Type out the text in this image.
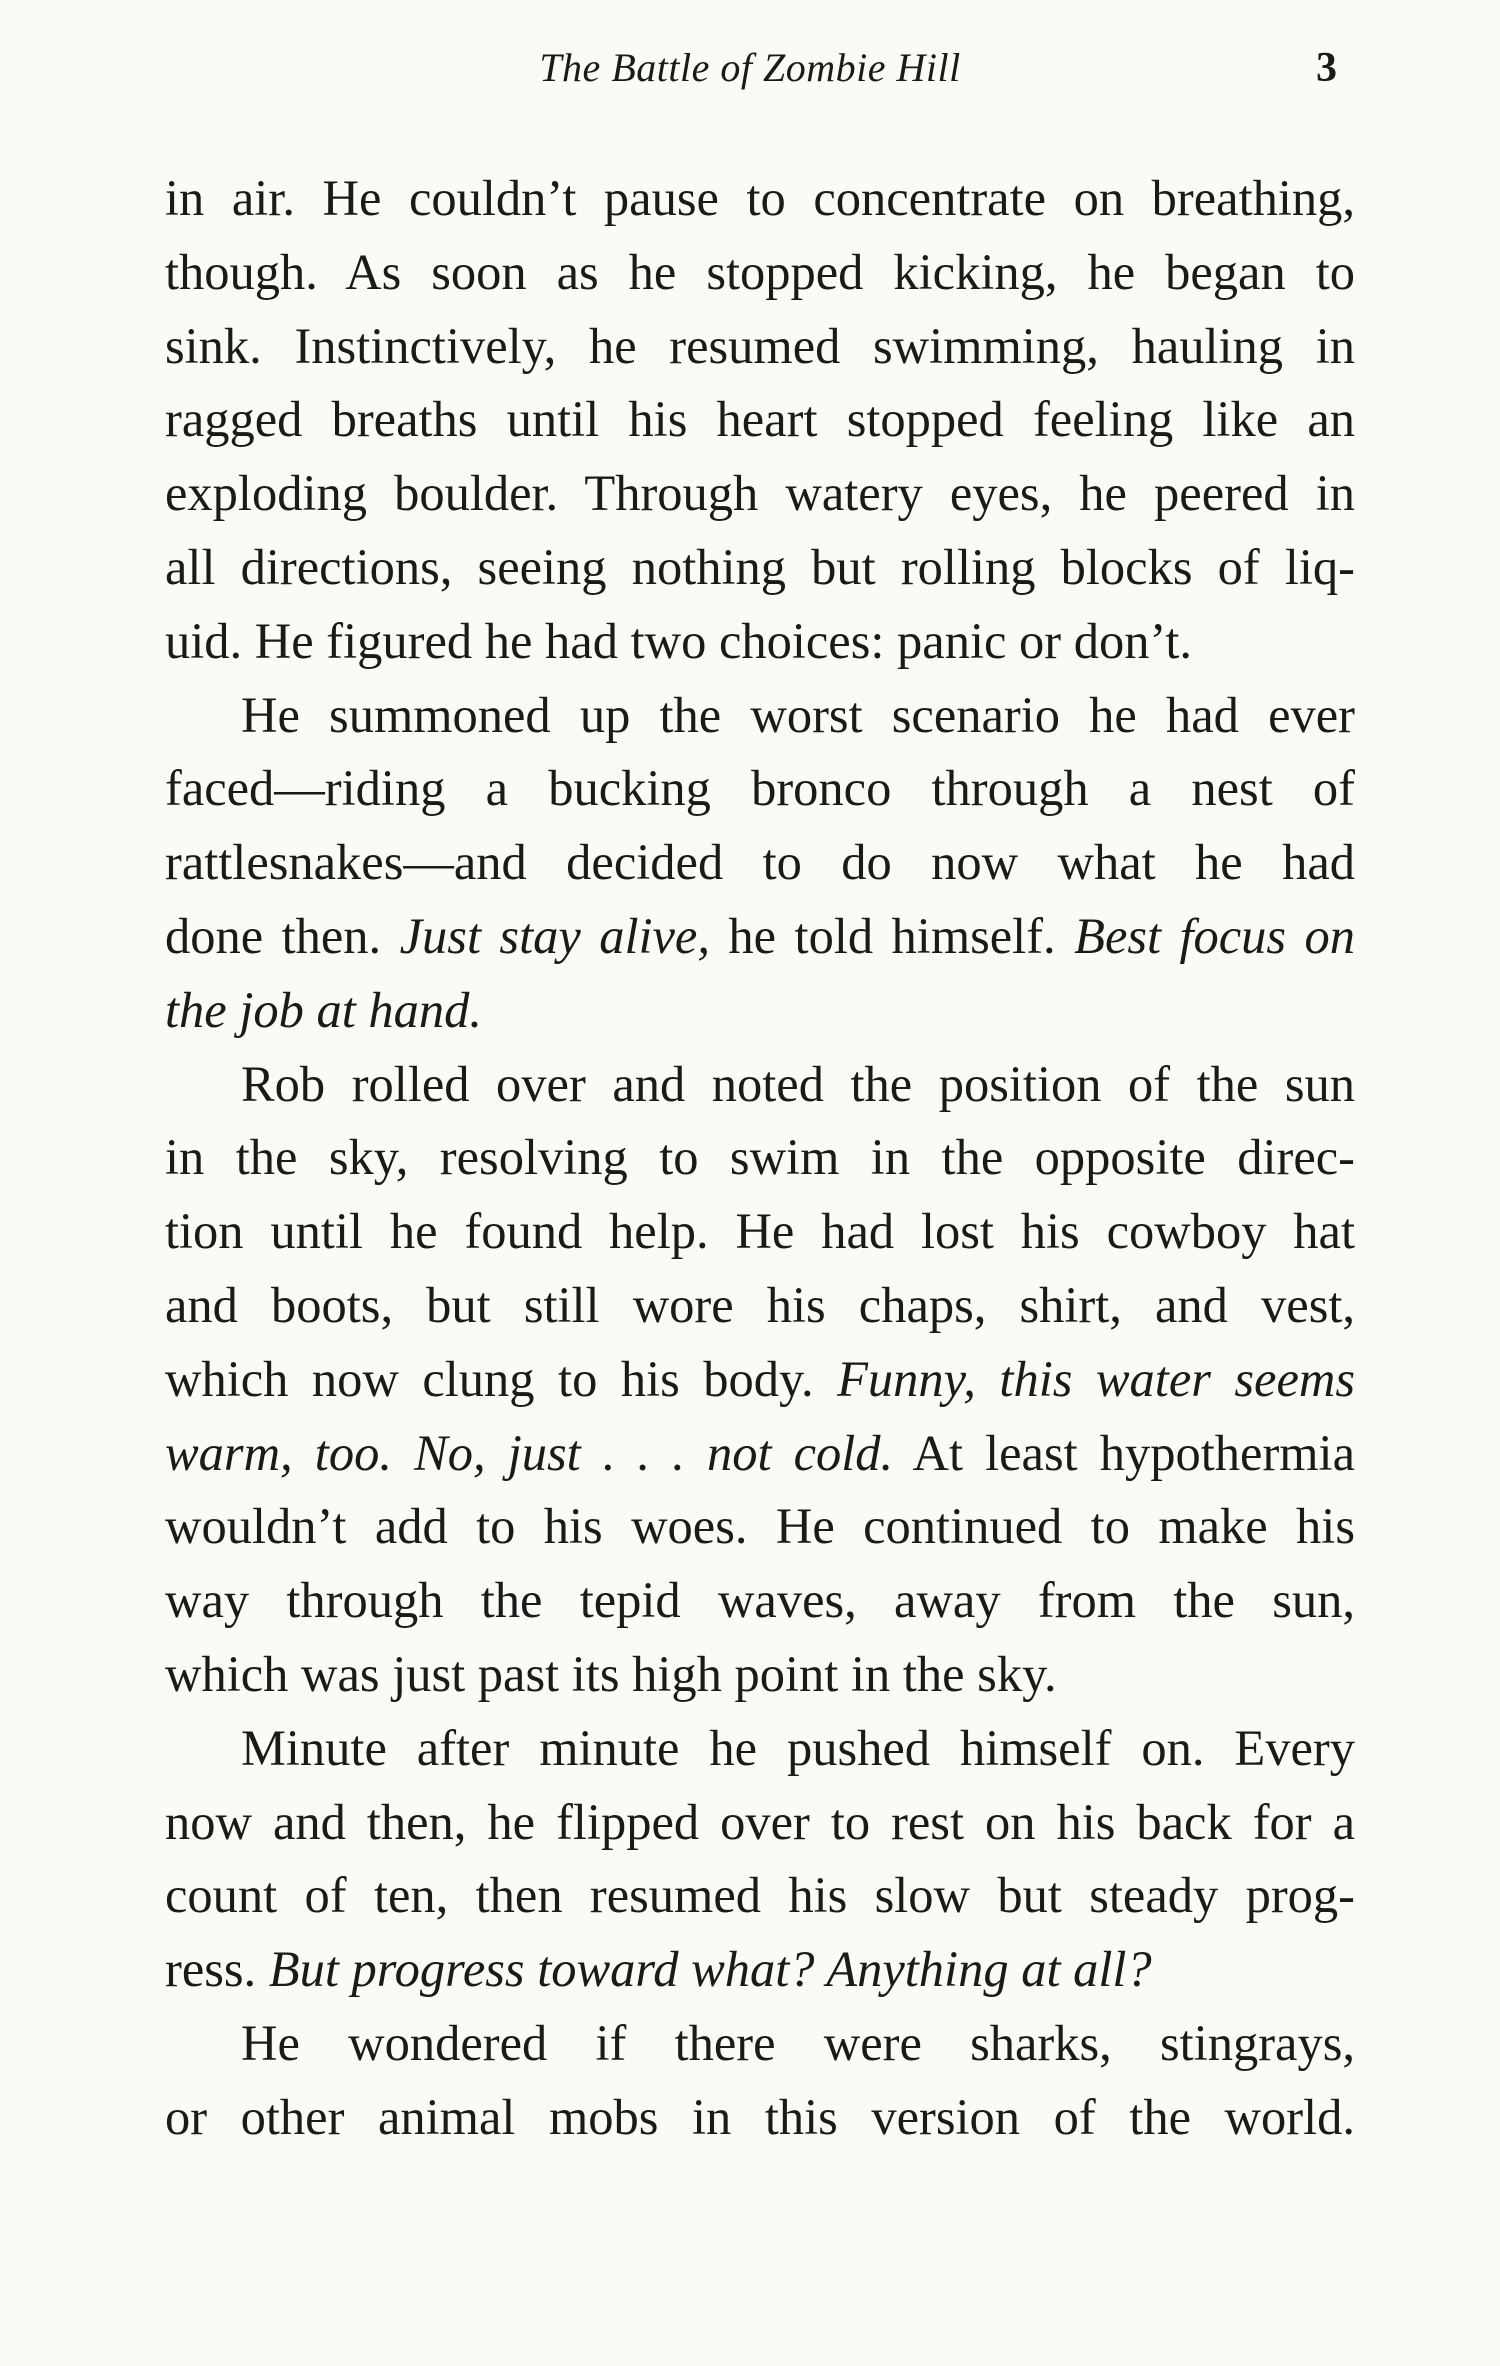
The Battle of Zombie Hill	3
in air. He couldn’t pause to concentrate on breathing,
though. As soon as he stopped kicking, he began to
sink. Instinctively, he resumed swimming, hauling in
ragged breaths until his heart stopped feeling like an
exploding boulder. Through watery eyes, he peered in
all directions, seeing nothing but rolling blocks of liq-
uid. He figured he had two choices: panic or don’t.
He summoned up the worst scenario he had ever
faced—riding a bucking bronco through a nest of
rattlesnakes—and decided to do now what he had
done then. Just stay alive, he told himself. Best focus on
the job at hand.
Rob rolled over and noted the position of the sun
in the sky, resolving to swim in the opposite direc-
tion until he found help. He had lost his cowboy hat
and boots, but still wore his chaps, shirt, and vest,
which now clung to his body. Funny, this water seems
warm, too. No, just . . . not cold. At least hypothermia
wouldn’t add to his woes. He continued to make his
way through the tepid waves, away from the sun,
which was just past its high point in the sky.
Minute after minute he pushed himself on. Every
now and then, he flipped over to rest on his back for a
count of ten, then resumed his slow but steady prog-
ress. But progress toward what? Anything at all?
He wondered if there were sharks, stingrays,
or other animal mobs in this version of the world.
